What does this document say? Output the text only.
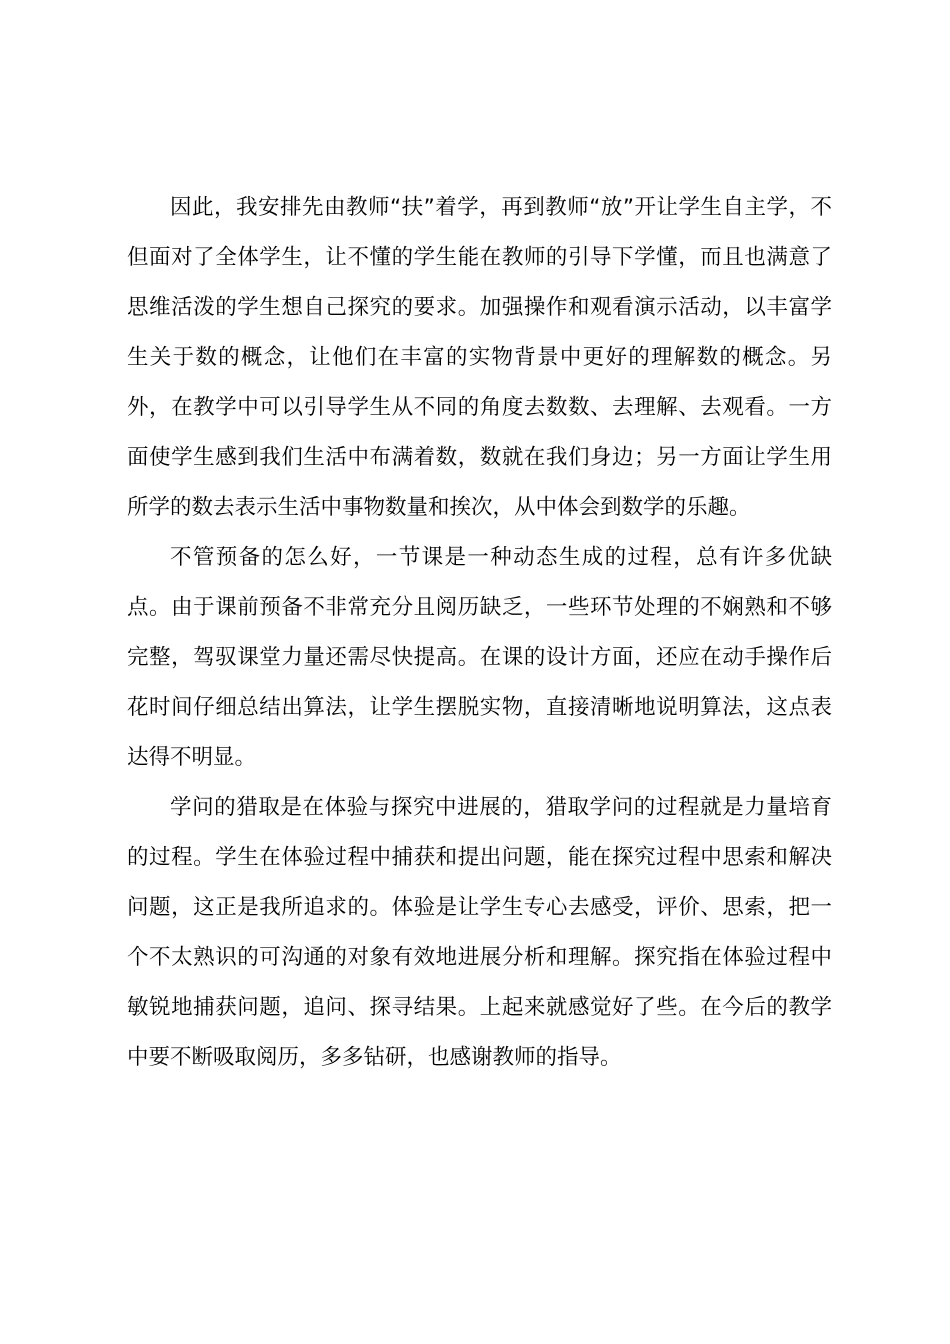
因此，我安排先由教师“扶”着学，再到教师“放”开让学生自主学，不但面对了全体学生，让不懂的学生能在教师的引导下学懂，而且也满意了思维活泼的学生想自己探究的要求。加强操作和观看演示活动，以丰富学生关于数的概念，让他们在丰富的实物背景中更好的理解数的概念。另外，在教学中可以引导学生从不同的角度去数数、去理解、去观看。一方面使学生感到我们生活中布满着数，数就在我们身边；另一方面让学生用所学的数去表示生活中事物数量和挨次，从中体会到数学的乐趣。

不管预备的怎么好，一节课是一种动态生成的过程，总有许多优缺点。由于课前预备不非常充分且阅历缺乏，一些环节处理的不娴熟和不够完整，驾驭课堂力量还需尽快提高。在课的设计方面，还应在动手操作后花时间仔细总结出算法，让学生摆脱实物，直接清晰地说明算法，这点表达得不明显。

学问的猎取是在体验与探究中进展的，猎取学问的过程就是力量培育的过程。学生在体验过程中捕获和提出问题，能在探究过程中思索和解决问题，这正是我所追求的。体验是让学生专心去感受，评价、思索，把一个不太熟识的可沟通的对象有效地进展分析和理解。探究指在体验过程中敏锐地捕获问题，追问、探寻结果。上起来就感觉好了些。在今后的教学中要不断吸取阅历，多多钻研，也感谢教师的指导。
